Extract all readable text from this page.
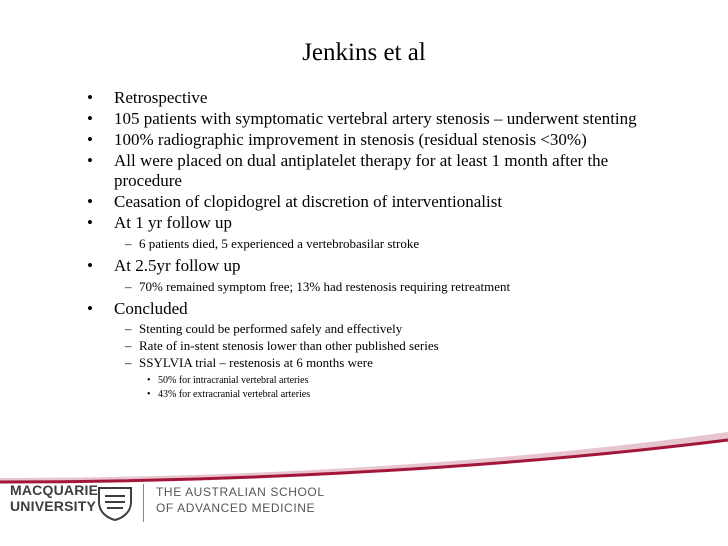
Jenkins et al
• Retrospective
• 105 patients with symptomatic vertebral artery stenosis – underwent stenting
• 100% radiographic improvement in stenosis (residual stenosis <30%)
• All were placed on dual antiplatelet therapy for at least 1 month after the
procedure
• Ceasation of clopidogrel at discretion of interventionalist
• At 1 yr follow up
– 6 patients died, 5 experienced a vertebrobasilar stroke
• At 2.5yr follow up
– 70% remained symptom free; 13% had restenosis requiring retreatment
• Concluded
– Stenting could be performed safely and effectively
– Rate of in-stent stenosis lower than other published series
– SSYLVIA trial – restenosis at 6 months were
• 50% for intracranial vertebral arteries
• 43% for extracranial vertebral arteries
MACQUARIE
UNIVERSITY
THE AUSTRALIAN SCHOOL
OF ADVANCED MEDICINE
